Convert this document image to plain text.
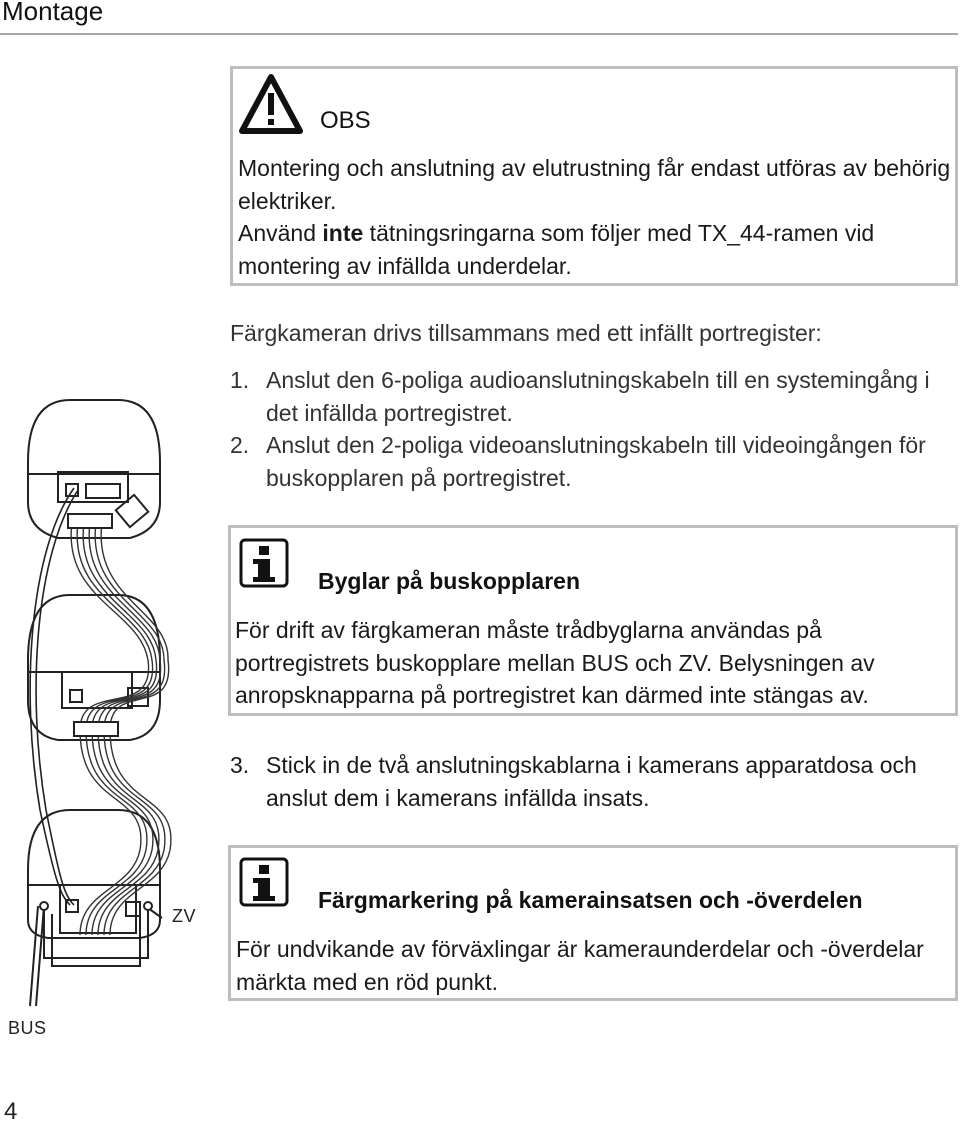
Montage
OBS
Montering och anslutning av elutrustning får endast utföras av behörig elektriker.
Använd inte tätningsringarna som följer med TX_44-ramen vid montering av infällda underdelar.
Färgkameran drivs tillsammans med ett infällt portregister:
1. Anslut den 6-poliga audioanslutningskabeln till en systemingång i det infällda portregistret.
2. Anslut den 2-poliga videoanslutningskabeln till videoingången för buskopplaren på portregistret.
Byglar på buskopplaren
För drift av färgkameran måste trådbyglarna användas på portregistrets buskopplare mellan BUS och ZV. Belysningen av anropsknapparna på portregistret kan därmed inte stängas av.
3. Stick in de två anslutningskablarna i kamerans apparatdosa och anslut dem i kamerans infällda insats.
Färgmarkering på kamerainsatsen och -överdelen
För undvikande av förväxlingar är kameraunderdelar och -överdelar märkta med en röd punkt.
ZV
BUS
4
